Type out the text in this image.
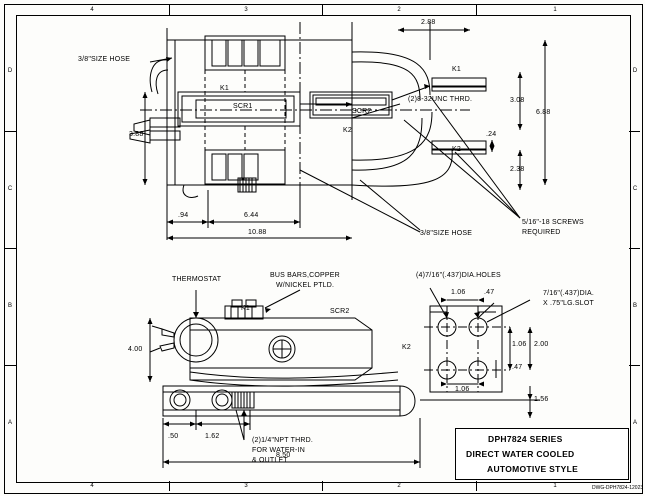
4	3	2	1
4	3	2	1
D
C
B
A
D
C
B
A
3/8"SIZE HOSE
K1
SCR1
SCR2
K2
K1
K2
(2)8-32UNC THRD.
5/16"-18 SCREWS
REQUIRED
3/8"SIZE HOSE
2.88
3.08
6.88
.24
2.38
3.88
.94	6.44
10.88
THERMOSTAT
BUS BARS,COPPER
W/NICKEL PTLD.
(4)7/16"(.437)DIA.HOLES
7/16"(.437)DIA.
X .75"LG.SLOT
SCR2
K2
K1
(2)1/4"NPT THRD.
FOR WATER-IN
& OUTLET
1.06	.47
1.06 2.00
.47
1.06
1.56
4.00
.50	1.62
8.50
DPH7824 SERIES
DIRECT WATER COOLED
AUTOMOTIVE STYLE
DWG-DPH7824-12023
